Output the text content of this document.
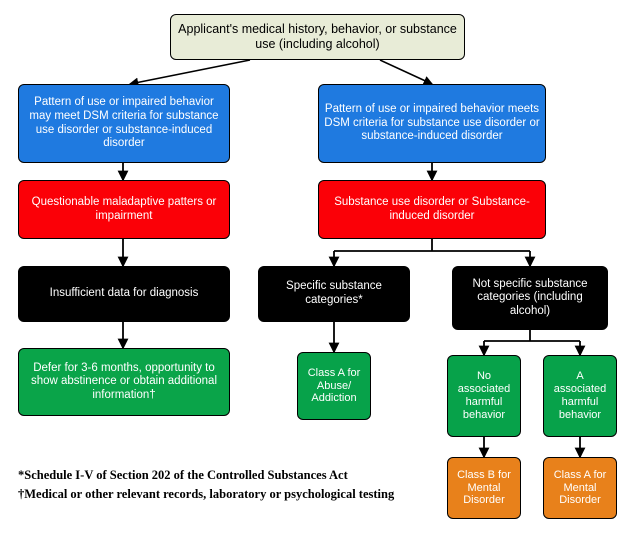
Applicant's medical history, behavior, or substance use (including alcohol)
Pattern of use or impaired behavior may meet DSM criteria for substance use disorder or substance-induced disorder
Pattern of use or impaired behavior meets DSM criteria for substance use disorder or substance-induced disorder
Questionable maladaptive patters or impairment
Substance use disorder or Substance-induced disorder
Insufficient data for diagnosis
Defer for 3-6 months, opportunity to show abstinence or obtain additional information†
Specific substance categories*
Not specific substance categories (including alcohol)
Class A for Abuse/ Addiction
No associated harmful behavior
A associated harmful behavior
Class B for Mental Disorder
Class A for Mental Disorder
*Schedule I-V of Section 202 of the Controlled Substances Act
†Medical or other relevant records, laboratory or psychological testing
